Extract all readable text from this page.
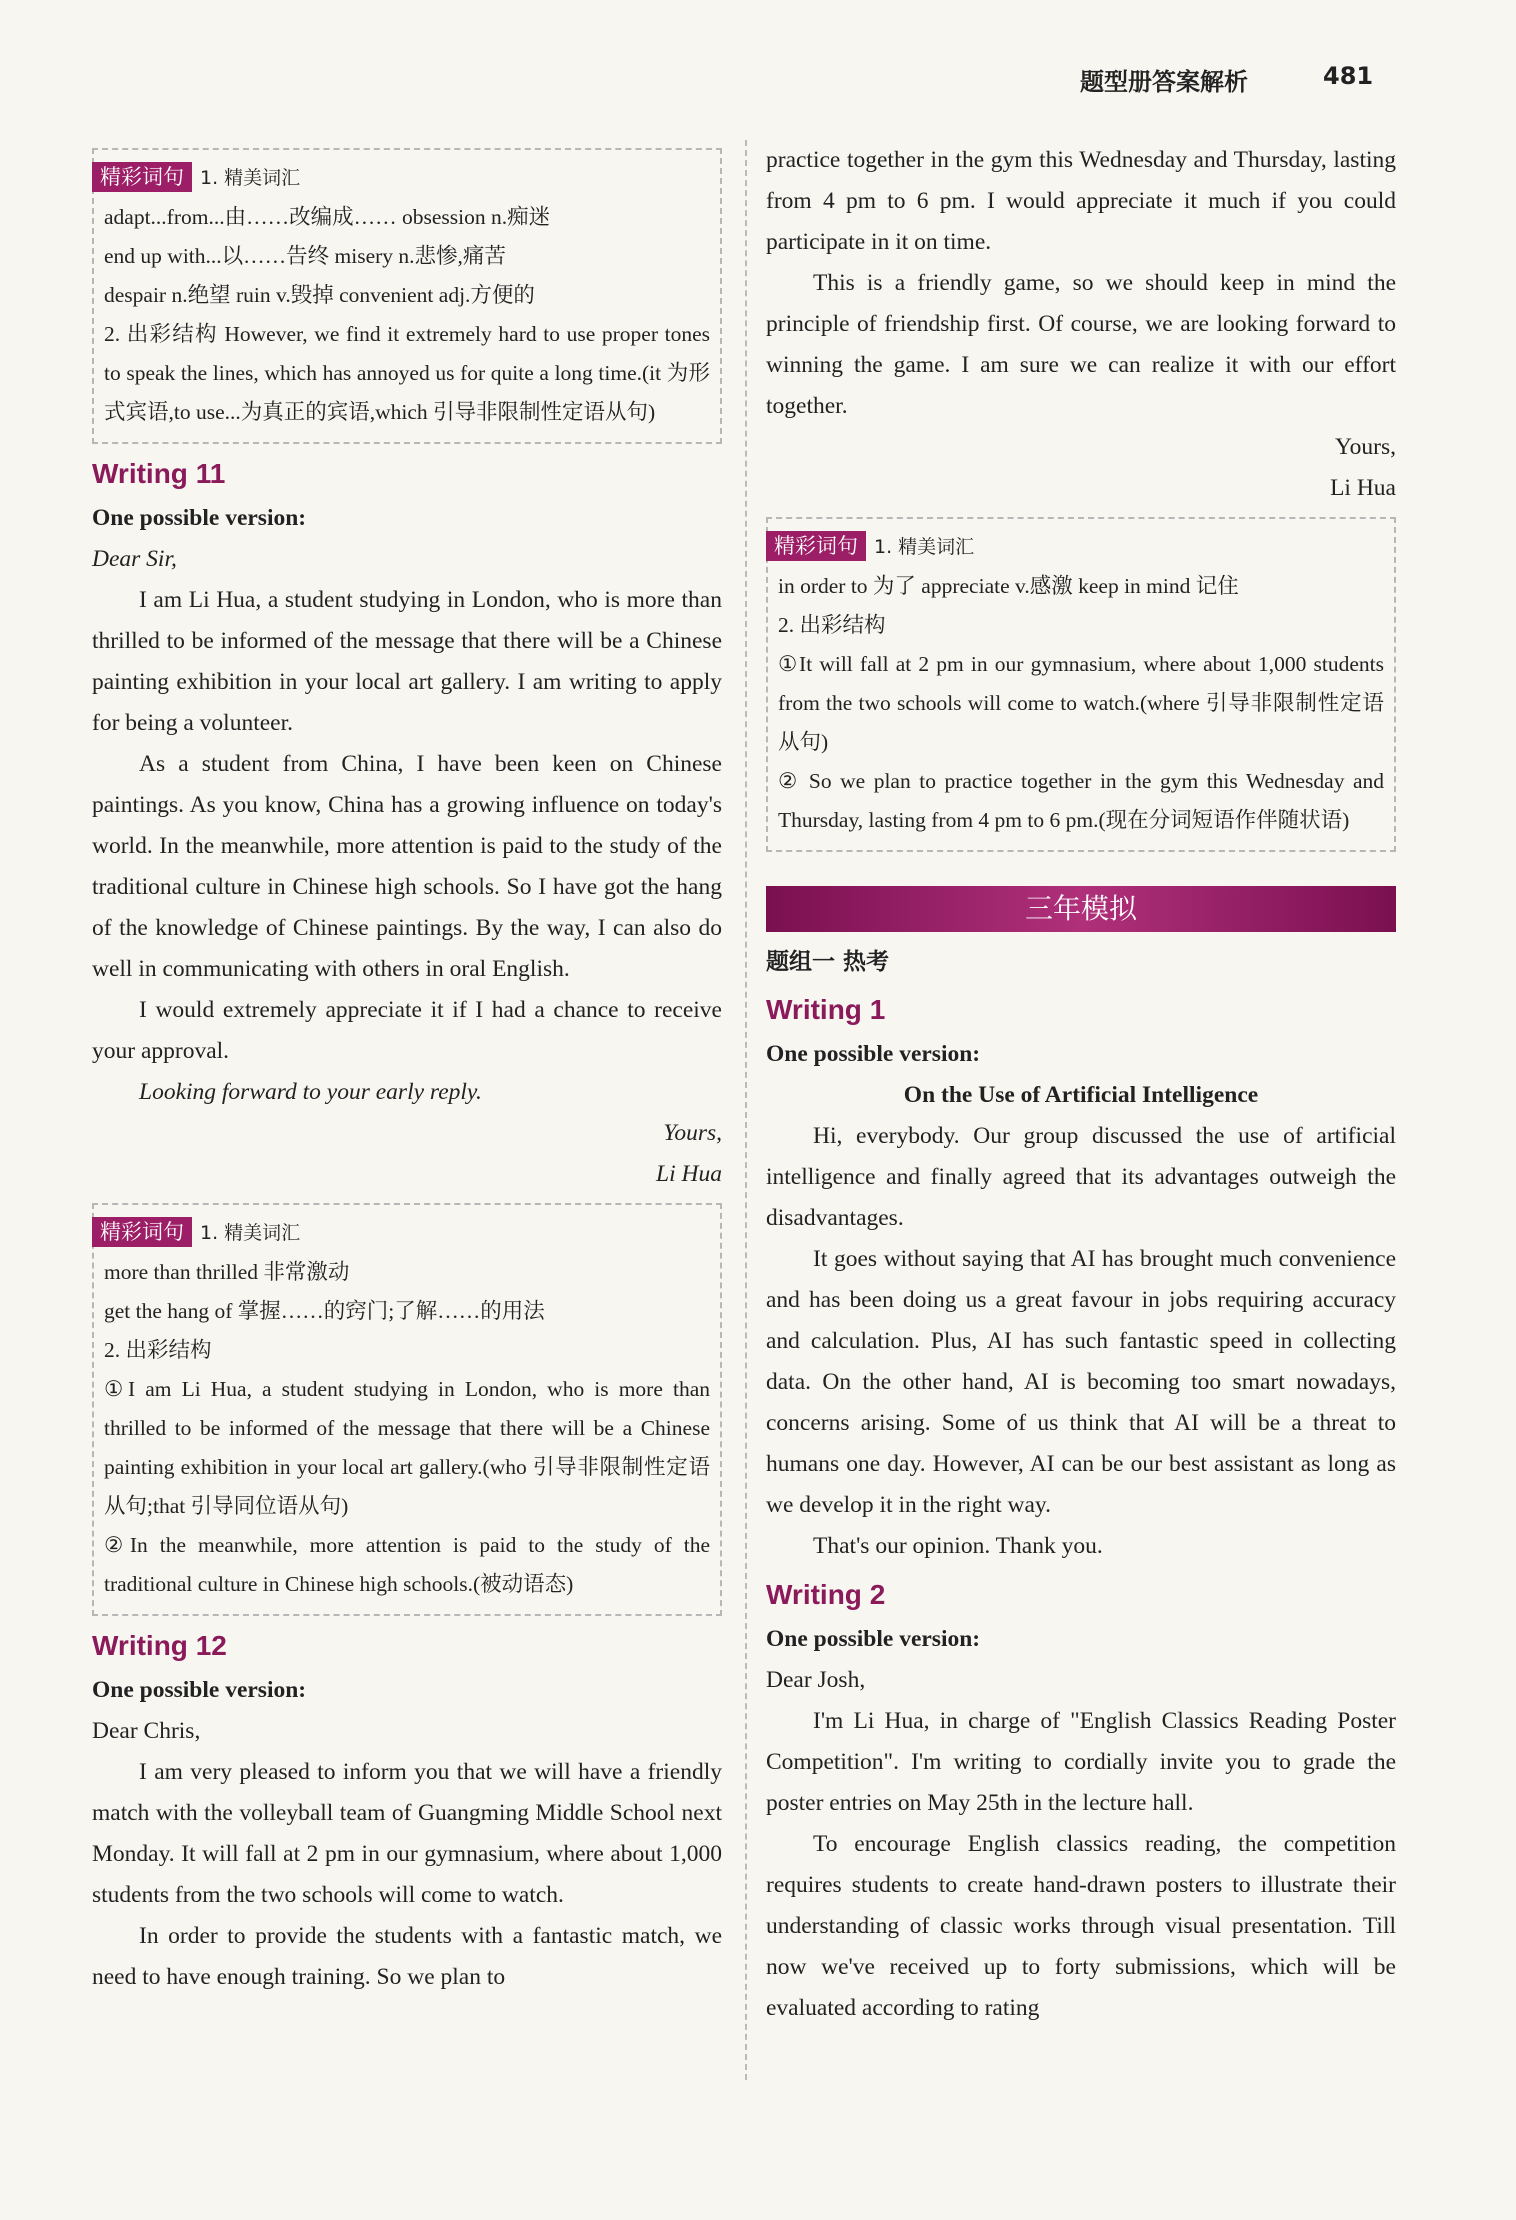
题型册答案解析	481
精彩词句 1. 精美词汇

adapt...from...由……改编成…… obsession n.痴迷

end up with...以……告终 misery n.悲惨,痛苦

despair n.绝望 ruin v.毁掉 convenient adj.方便的

2. 出彩结构 However, we find it extremely hard to use proper tones to speak the lines, which has annoyed us for quite a long time.(it 为形式宾语,to use...为真正的宾语,which 引导非限制性定语从句)

Writing 11

One possible version:

Dear Sir,

I am Li Hua, a student studying in London, who is more than thrilled to be informed of the message that there will be a Chinese painting exhibition in your local art gallery. I am writing to apply for being a volunteer.

As a student from China, I have been keen on Chinese paintings. As you know, China has a growing influence on today's world. In the meanwhile, more attention is paid to the study of the traditional culture in Chinese high schools. So I have got the hang of the knowledge of Chinese paintings. By the way, I can also do well in communicating with others in oral English.

I would extremely appreciate it if I had a chance to receive your approval.

Looking forward to your early reply.

Yours,

Li Hua

精彩词句 1. 精美词汇

more than thrilled 非常激动

get the hang of 掌握……的窍门;了解……的用法

2. 出彩结构

①I am Li Hua, a student studying in London, who is more than thrilled to be informed of the message that there will be a Chinese painting exhibition in your local art gallery.(who 引导非限制性定语从句;that 引导同位语从句)

②In the meanwhile, more attention is paid to the study of the traditional culture in Chinese high schools.(被动语态)

Writing 12

One possible version:

Dear Chris,

I am very pleased to inform you that we will have a friendly match with the volleyball team of Guangming Middle School next Monday. It will fall at 2 pm in our gymnasium, where about 1,000 students from the two schools will come to watch.

In order to provide the students with a fantastic match, we need to have enough training. So we plan to

practice together in the gym this Wednesday and Thursday, lasting from 4 pm to 6 pm. I would appreciate it much if you could participate in it on time.

This is a friendly game, so we should keep in mind the principle of friendship first. Of course, we are looking forward to winning the game. I am sure we can realize it with our effort together.

Yours,

Li Hua

精彩词句 1. 精美词汇

in order to 为了 appreciate v.感激 keep in mind 记住

2. 出彩结构

①It will fall at 2 pm in our gymnasium, where about 1,000 students from the two schools will come to watch.(where 引导非限制性定语从句)

② So we plan to practice together in the gym this Wednesday and Thursday, lasting from 4 pm to 6 pm.(现在分词短语作伴随状语)

三年模拟

题组一 热考

Writing 1

One possible version:

On the Use of Artificial Intelligence

Hi, everybody. Our group discussed the use of artificial intelligence and finally agreed that its advantages outweigh the disadvantages.

It goes without saying that AI has brought much convenience and has been doing us a great favour in jobs requiring accuracy and calculation. Plus, AI has such fantastic speed in collecting data. On the other hand, AI is becoming too smart nowadays, concerns arising. Some of us think that AI will be a threat to humans one day. However, AI can be our best assistant as long as we develop it in the right way.

That's our opinion. Thank you.

Writing 2

One possible version:

Dear Josh,

I'm Li Hua, in charge of "English Classics Reading Poster Competition". I'm writing to cordially invite you to grade the poster entries on May 25th in the lecture hall.

To encourage English classics reading, the competition requires students to create hand-drawn posters to illustrate their understanding of classic works through visual presentation. Till now we've received up to forty submissions, which will be evaluated according to rating
